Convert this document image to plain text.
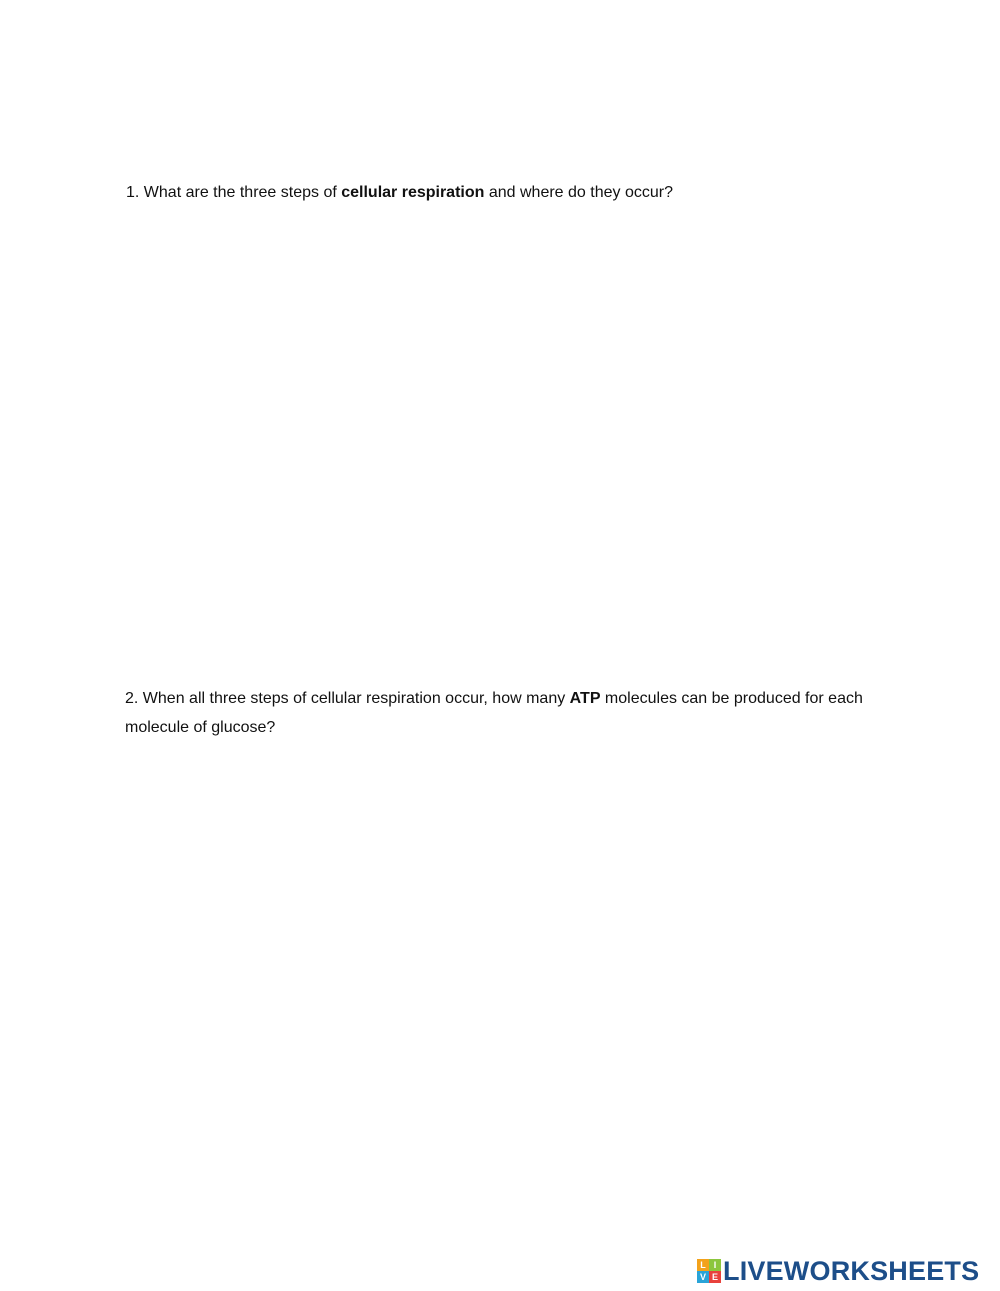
1. What are the three steps of cellular respiration and where do they occur?
2. When all three steps of cellular respiration occur, how many ATP molecules can be produced for each molecule of glucose?
L I
V E LIVEWORKSHEETS
